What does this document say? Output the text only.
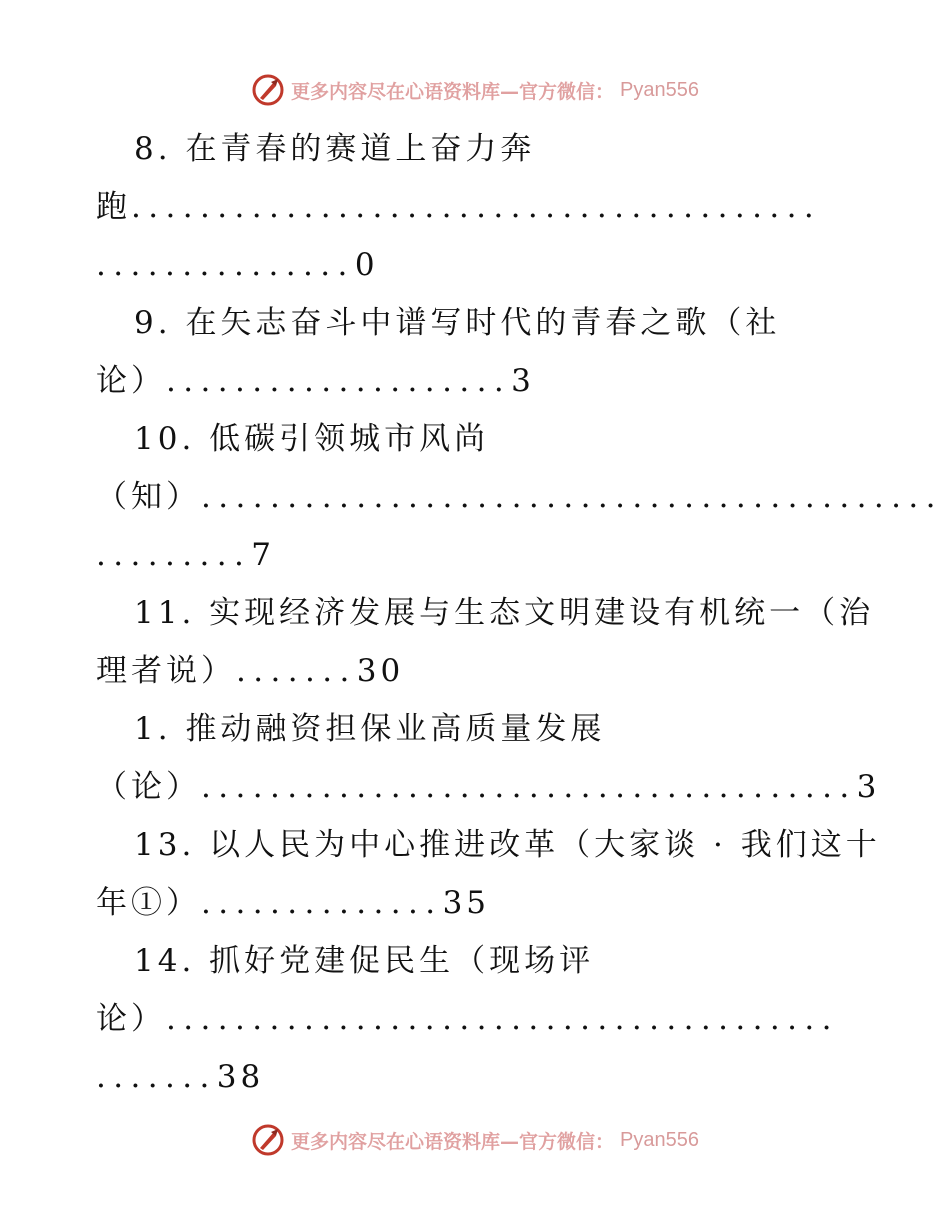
更多内容尽在心语资料库—官方微信： Pyan556
8. 在青春的赛道上奋力奔
跑........................................
...............0
9. 在矢志奋斗中谱写时代的青春之歌（社
论）....................3
10. 低碳引领城市风尚
（知）...........................................
.........7
11. 实现经济发展与生态文明建设有机统一（治
理者说）.......30
1. 推动融资担保业高质量发展
（论）......................................3
13. 以人民为中心推进改革（大家谈 · 我们这十
年①）..............35
14. 抓好党建促民生（现场评
论）.......................................
.......38
更多内容尽在心语资料库—官方微信： Pyan556
